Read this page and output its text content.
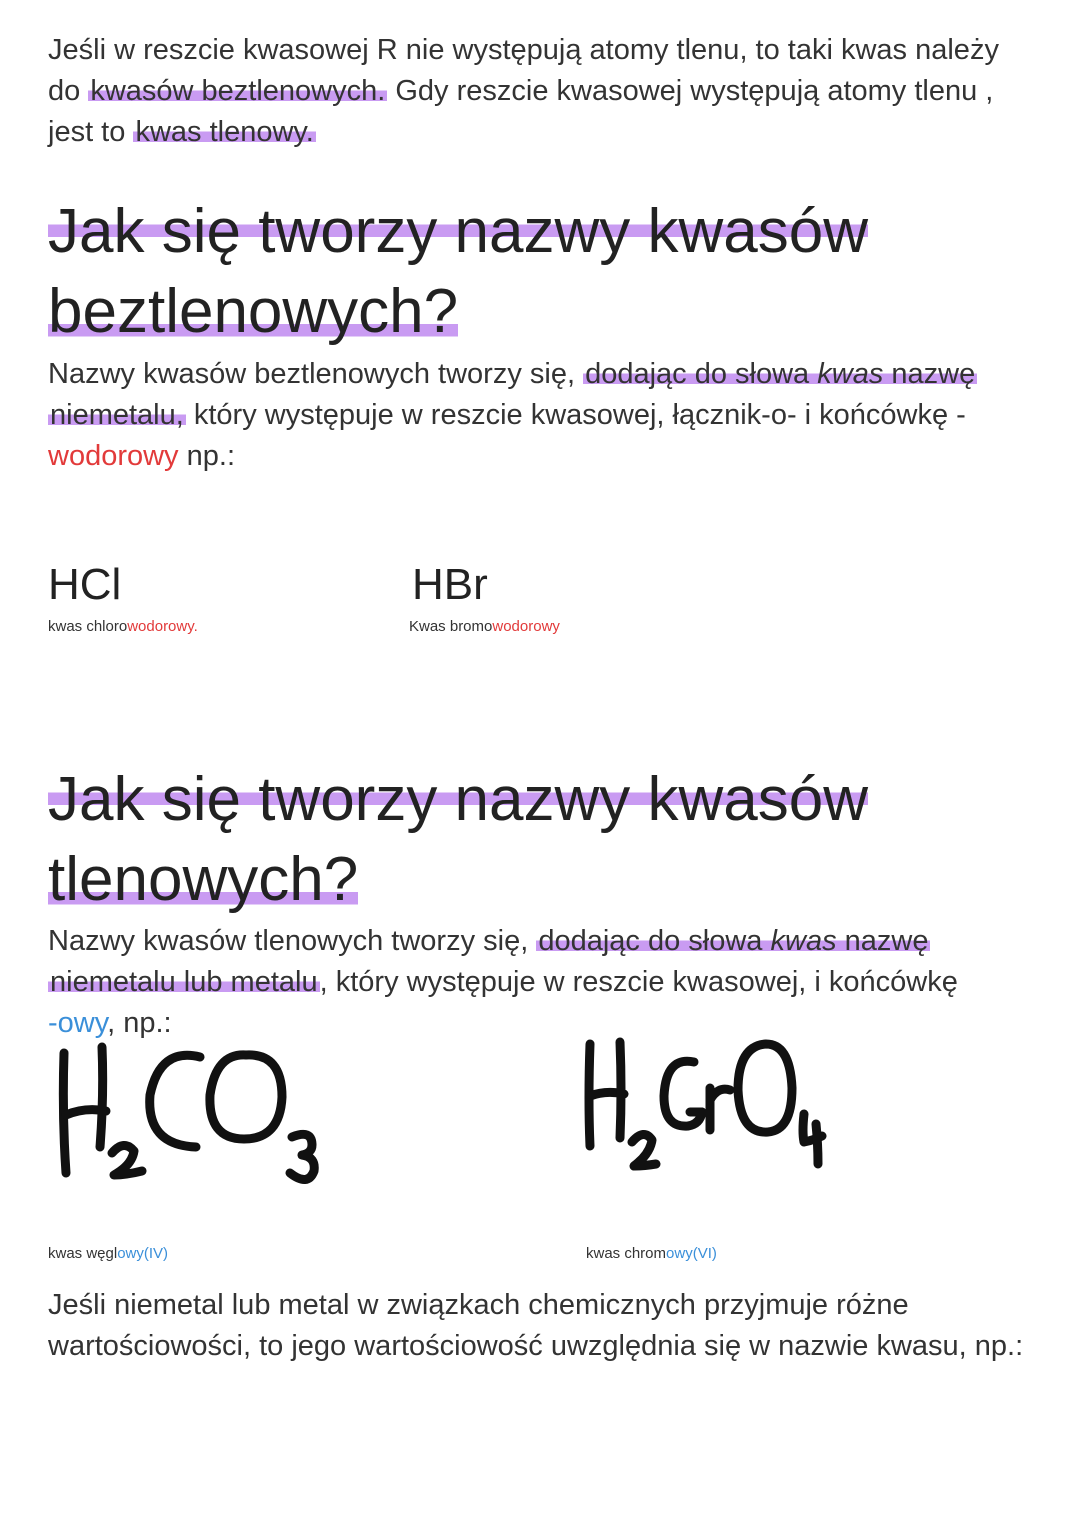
Jeśli w reszcie kwasowej R nie występują atomy tlenu, to taki kwas należy do kwasów beztlenowych. Gdy reszcie kwasowej występują atomy tlenu , jest to kwas tlenowy.

Jak się tworzy nazwy kwasów
beztlenowych?

Nazwy kwasów beztlenowych tworzy się, dodając do słowa kwas nazwę niemetalu, który występuje w reszcie kwasowej, łącznik-o- i końcówkę -
wodorowy np.:

HCl
kwas chlorowodorowy.
HBr
Kwas bromowodorowy
Jak się tworzy nazwy kwasów
tlenowych?

Nazwy kwasów tlenowych tworzy się, dodając do słowa kwas nazwę niemetalu lub metalu, który występuje w reszcie kwasowej, i końcówkę
-owy, np.:

kwas węglowy(IV)	kwas chromowy(VI)

Jeśli niemetal lub metal w związkach chemicznych przyjmuje różne wartościowości, to jego wartościowość uwzględnia się w nazwie kwasu, np.:
